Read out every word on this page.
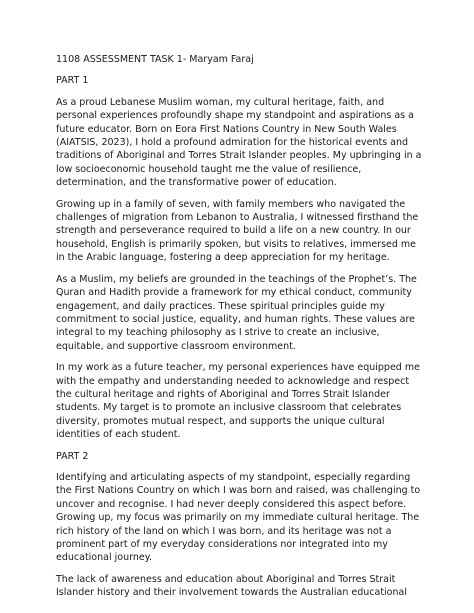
1108 ASSESSMENT TASK 1- Maryam Faraj
PART 1
As a proud Lebanese Muslim woman, my cultural heritage, faith, and
personal experiences profoundly shape my standpoint and aspirations as a
future educator. Born on Eora First Nations Country in New South Wales
(AIATSIS, 2023), I hold a profound admiration for the historical events and
traditions of Aboriginal and Torres Strait Islander peoples. My upbringing in a
low socioeconomic household taught me the value of resilience,
determination, and the transformative power of education.
Growing up in a family of seven, with family members who navigated the
challenges of migration from Lebanon to Australia, I witnessed firsthand the
strength and perseverance required to build a life on a new country. In our
household, English is primarily spoken, but visits to relatives, immersed me
in the Arabic language, fostering a deep appreciation for my heritage.
As a Muslim, my beliefs are grounded in the teachings of the Prophet’s. The
Quran and Hadith provide a framework for my ethical conduct, community
engagement, and daily practices. These spiritual principles guide my
commitment to social justice, equality, and human rights. These values are
integral to my teaching philosophy as I strive to create an inclusive,
equitable, and supportive classroom environment.
In my work as a future teacher, my personal experiences have equipped me
with the empathy and understanding needed to acknowledge and respect
the cultural heritage and rights of Aboriginal and Torres Strait Islander
students. My target is to promote an inclusive classroom that celebrates
diversity, promotes mutual respect, and supports the unique cultural
identities of each student.
PART 2
Identifying and articulating aspects of my standpoint, especially regarding
the First Nations Country on which I was born and raised, was challenging to
uncover and recognise. I had never deeply considered this aspect before.
Growing up, my focus was primarily on my immediate cultural heritage. The
rich history of the land on which I was born, and its heritage was not a
prominent part of my everyday considerations nor integrated into my
educational journey.
The lack of awareness and education about Aboriginal and Torres Strait
Islander history and their involvement towards the Australian educational
